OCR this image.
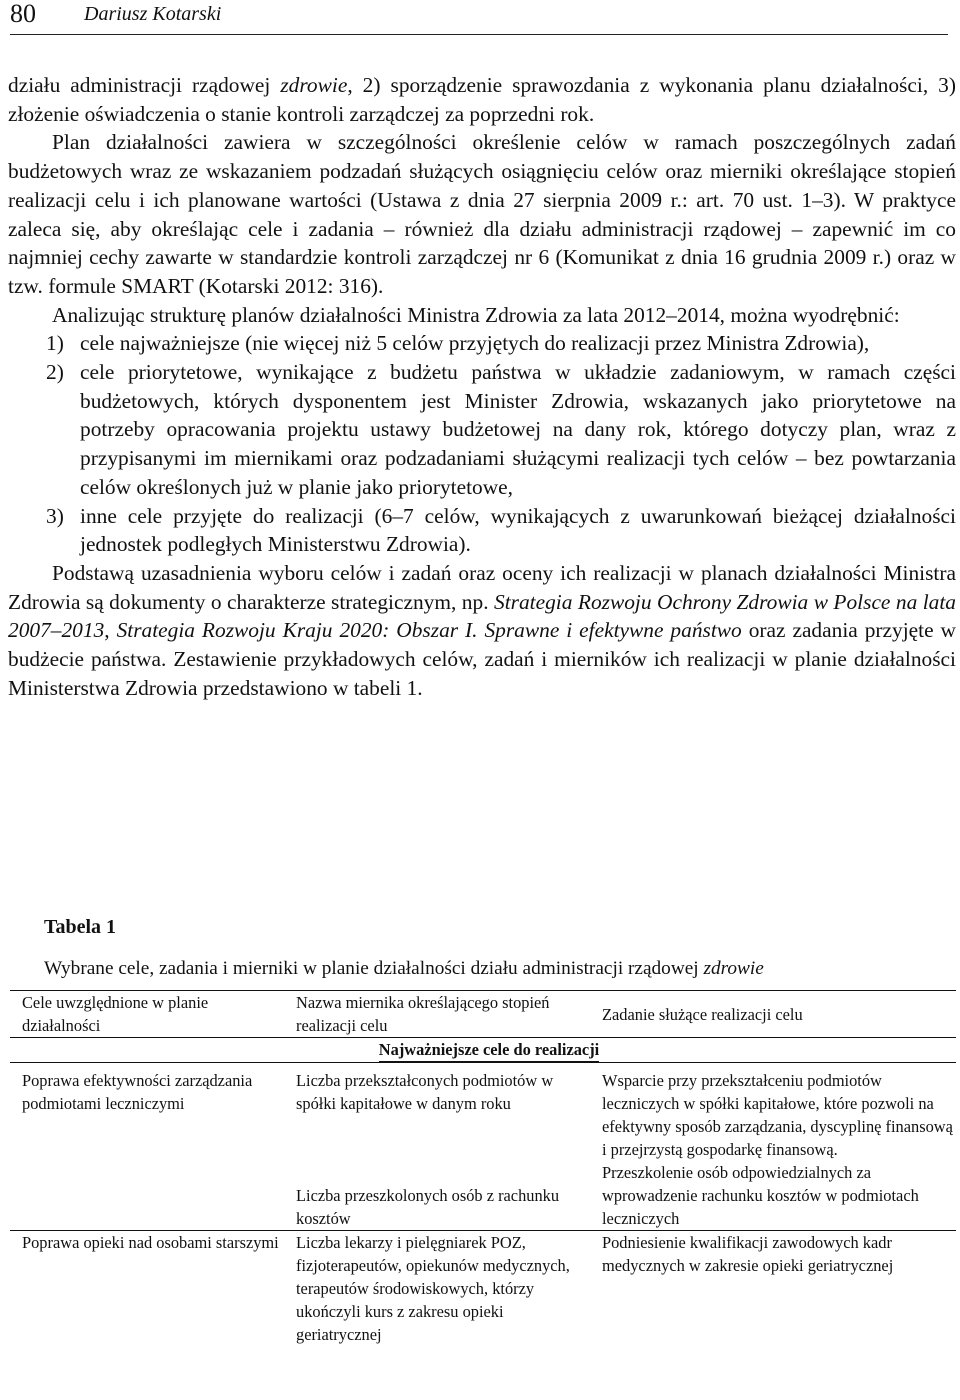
80 Dariusz Kotarski

działu administracji rządowej zdrowie, 2) sporządzenie sprawozdania z wykonania planu działalności, 3) złożenie oświadczenia o stanie kontroli zarządczej za poprzedni rok.

Plan działalności zawiera w szczególności określenie celów w ramach poszczególnych zadań budżetowych wraz ze wskazaniem podzadań służących osiągnięciu celów oraz mierniki określające stopień realizacji celu i ich planowane wartości (Ustawa z dnia 27 sierpnia 2009 r.: art. 70 ust. 1–3). W praktyce zaleca się, aby określając cele i zadania – również dla działu administracji rządowej – zapewnić im co najmniej cechy zawarte w standardzie kontroli zarządczej nr 6 (Komunikat z dnia 16 grudnia 2009 r.) oraz w tzw. formule SMART (Kotarski 2012: 316).

Analizując strukturę planów działalności Ministra Zdrowia za lata 2012–2014, można wyodrębnić:

1) cele najważniejsze (nie więcej niż 5 celów przyjętych do realizacji przez Ministra Zdrowia),
2) cele priorytetowe, wynikające z budżetu państwa w układzie zadaniowym, w ramach części budżetowych, których dysponentem jest Minister Zdrowia, wskazanych jako priorytetowe na potrzeby opracowania projektu ustawy budżetowej na dany rok, którego dotyczy plan, wraz z przypisanymi im miernikami oraz podzadaniami służącymi realizacji tych celów – bez powtarzania celów określonych już w planie jako priorytetowe,
3) inne cele przyjęte do realizacji (6–7 celów, wynikających z uwarunkowań bieżącej działalności jednostek podległych Ministerstwu Zdrowia).

Podstawą uzasadnienia wyboru celów i zadań oraz oceny ich realizacji w planach działalności Ministra Zdrowia są dokumenty o charakterze strategicznym, np. Strategia Rozwoju Ochrony Zdrowia w Polsce na lata 2007–2013, Strategia Rozwoju Kraju 2020: Obszar I. Sprawne i efektywne państwo oraz zadania przyjęte w budżecie państwa. Zestawienie przykładowych celów, zadań i mierników ich realizacji w planie działalności Ministerstwa Zdrowia przedstawiono w tabeli 1.

Tabela 1
Wybrane cele, zadania i mierniki w planie działalności działu administracji rządowej zdrowie
Cele uwzględnione w planie działalności	Nazwa miernika określającego stopień realizacji celu	Zadanie służące realizacji celu
Najważniejsze cele do realizacji		

Poprawa efektywności zarządzania podmiotami leczniczymi	Liczba przekształconych podmiotów w spółki kapitałowe w danym roku	Wsparcie przy przekształceniu podmiotów leczniczych w spółki kapitałowe, które pozwoli na efektywny sposób zarządzania, dyscyplinę finansową i przejrzystą gospodarkę finansową.
	Liczba przeszkolonych osób z rachunku kosztów	Przeszkolenie osób odpowiedzialnych za wprowadzenie rachunku kosztów w podmiotach leczniczych
Poprawa opieki nad osobami starszymi	Liczba lekarzy i pielęgniarek POZ, fizjoterapeutów, opiekunów medycznych, terapeutów środowiskowych, którzy ukończyli kurs z zakresu opieki geriatrycznej	Podniesienie kwalifikacji zawodowych kadr medycznych w zakresie opieki geriatrycznej
